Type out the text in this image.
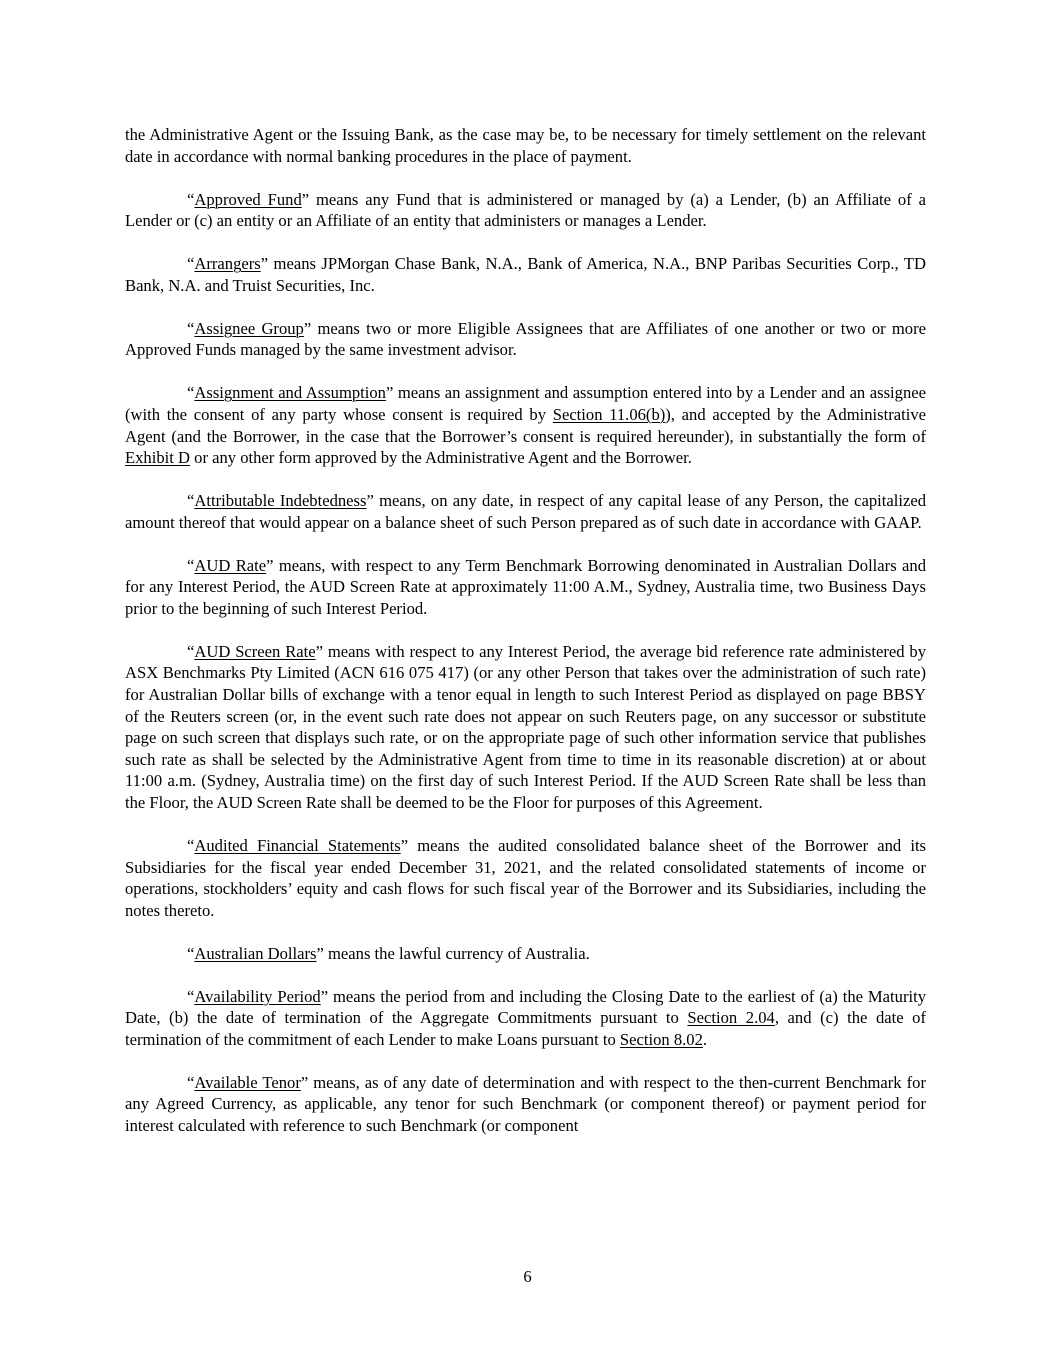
the Administrative Agent or the Issuing Bank, as the case may be, to be necessary for timely settlement on the relevant date in accordance with normal banking procedures in the place of payment.

“Approved Fund” means any Fund that is administered or managed by (a) a Lender, (b) an Affiliate of a Lender or (c) an entity or an Affiliate of an entity that administers or manages a Lender.

“Arrangers” means JPMorgan Chase Bank, N.A., Bank of America, N.A., BNP Paribas Securities Corp., TD Bank, N.A. and Truist Securities, Inc.

“Assignee Group” means two or more Eligible Assignees that are Affiliates of one another or two or more Approved Funds managed by the same investment advisor.

“Assignment and Assumption” means an assignment and assumption entered into by a Lender and an assignee (with the consent of any party whose consent is required by Section 11.06(b)), and accepted by the Administrative Agent (and the Borrower, in the case that the Borrower’s consent is required hereunder), in substantially the form of Exhibit D or any other form approved by the Administrative Agent and the Borrower.

“Attributable Indebtedness” means, on any date, in respect of any capital lease of any Person, the capitalized amount thereof that would appear on a balance sheet of such Person prepared as of such date in accordance with GAAP.

“AUD Rate” means, with respect to any Term Benchmark Borrowing denominated in Australian Dollars and for any Interest Period, the AUD Screen Rate at approximately 11:00 A.M., Sydney, Australia time, two Business Days prior to the beginning of such Interest Period.

“AUD Screen Rate” means with respect to any Interest Period, the average bid reference rate administered by ASX Benchmarks Pty Limited (ACN 616 075 417) (or any other Person that takes over the administration of such rate) for Australian Dollar bills of exchange with a tenor equal in length to such Interest Period as displayed on page BBSY of the Reuters screen (or, in the event such rate does not appear on such Reuters page, on any successor or substitute page on such screen that displays such rate, or on the appropriate page of such other information service that publishes such rate as shall be selected by the Administrative Agent from time to time in its reasonable discretion) at or about 11:00 a.m. (Sydney, Australia time) on the first day of such Interest Period. If the AUD Screen Rate shall be less than the Floor, the AUD Screen Rate shall be deemed to be the Floor for purposes of this Agreement.

“Audited Financial Statements” means the audited consolidated balance sheet of the Borrower and its Subsidiaries for the fiscal year ended December 31, 2021, and the related consolidated statements of income or operations, stockholders’ equity and cash flows for such fiscal year of the Borrower and its Subsidiaries, including the notes thereto.

“Australian Dollars” means the lawful currency of Australia.

“Availability Period” means the period from and including the Closing Date to the earliest of (a) the Maturity Date, (b) the date of termination of the Aggregate Commitments pursuant to Section 2.04, and (c) the date of termination of the commitment of each Lender to make Loans pursuant to Section 8.02.

“Available Tenor” means, as of any date of determination and with respect to the then-current Benchmark for any Agreed Currency, as applicable, any tenor for such Benchmark (or component thereof) or payment period for interest calculated with reference to such Benchmark (or component

6
